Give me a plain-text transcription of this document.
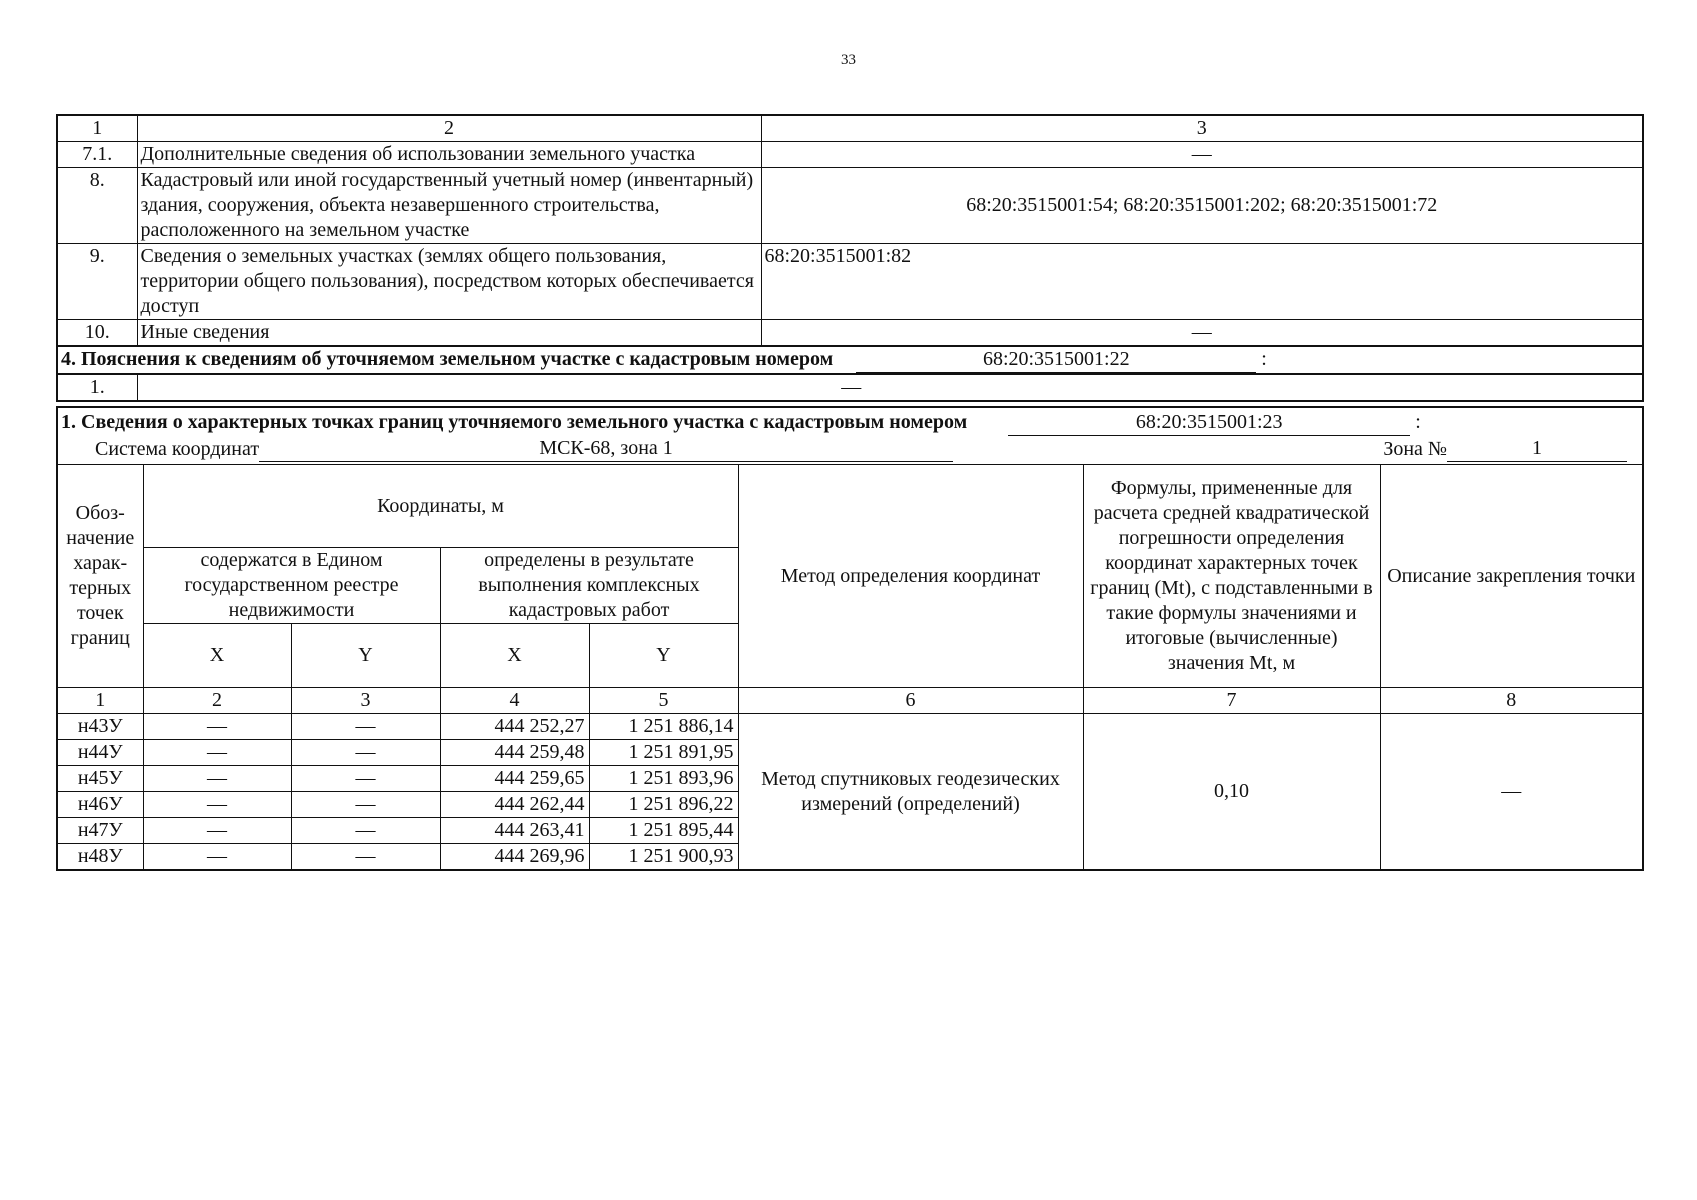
33
1	2	3
7.1.	Дополнительные сведения об использовании земельного участка	—
8.	Кадастровый или иной государственный учетный номер (инвентарный) здания, сооружения, объекта незавершенного строительства, расположенного на земельном участке	68:20:3515001:54; 68:20:3515001:202; 68:20:3515001:72
9.	Сведения о земельных участках (землях общего пользования, территории общего пользования), посредством которых обеспечивается доступ	68:20:3515001:82
10.	Иные сведения	—
4. Пояснения к сведениям об уточняемом земельном участке с кадастровым номером 68:20:3515001:22 :		
1.	—	
1. Сведения о характерных точках границ уточняемого земельного участка с кадастровым номером 68:20:3515001:23 :							

Система координат МСК-68, зона 1 Зона № 1							

Обоз-начение харак-терных точек границ	Координаты, м				Метод определения координат	Формулы, примененные для расчета средней квадратической погрешности определения координат характерных точек границ (Mt), с подставленными в такие формулы значениями и итоговые (вычисленные) значения Mt, м	Описание закрепления точки
	содержатся в Едином государственном реестре недвижимости		определены в результате выполнения комплексных кадастровых работ				
	X	Y	X	Y			
1	2	3	4	5	6	7	8
н43У	—	—	444 252,27	1 251 886,14	Метод спутниковых геодезических измерений (определений)	0,10	—
н44У	—	—	444 259,48	1 251 891,95			
н45У	—	—	444 259,65	1 251 893,96			
н46У	—	—	444 262,44	1 251 896,22			
н47У	—	—	444 263,41	1 251 895,44			
н48У	—	—	444 269,96	1 251 900,93			
